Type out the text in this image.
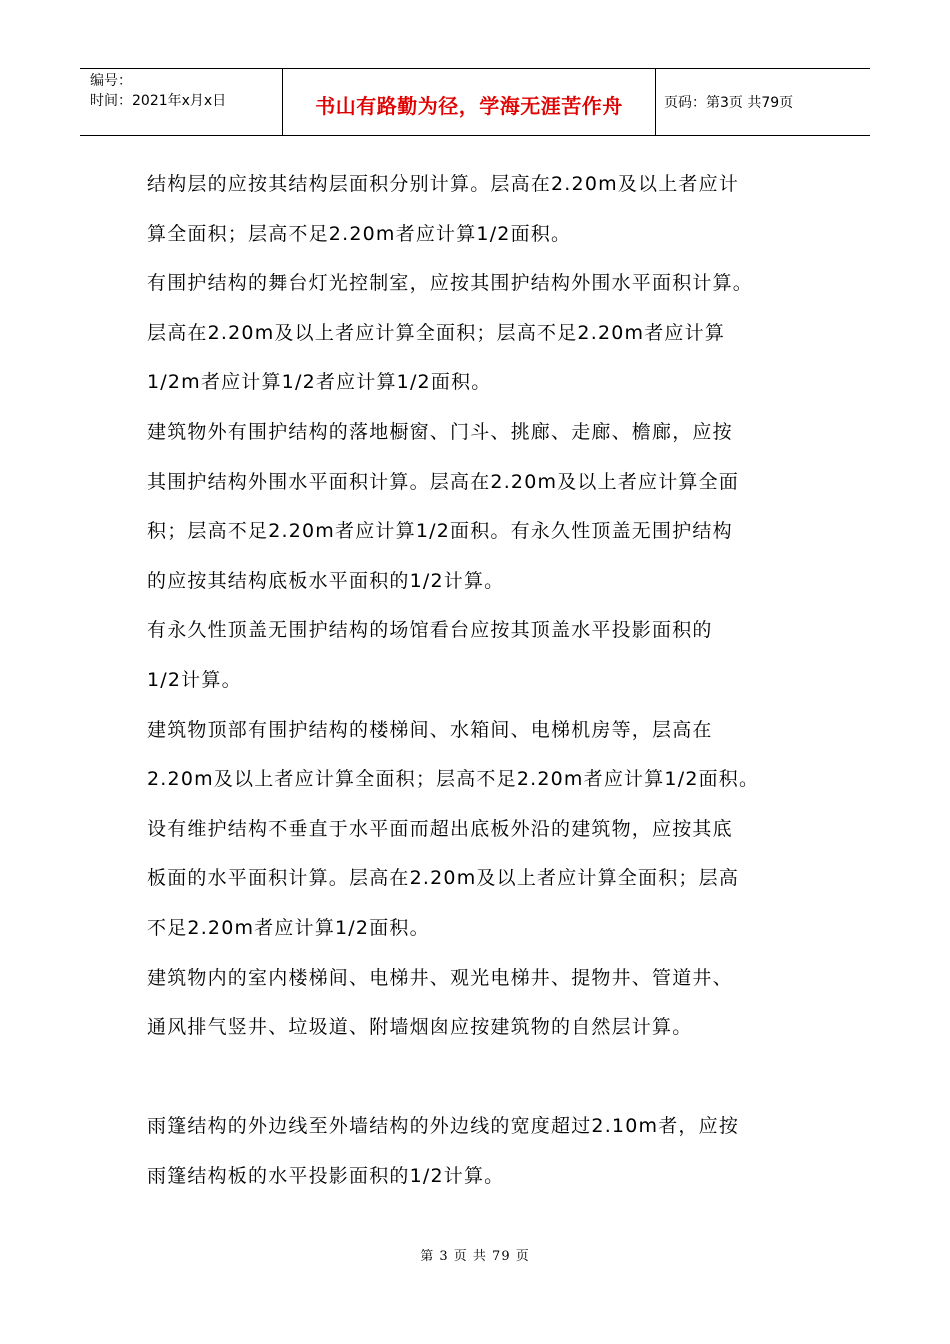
编号：
时间：2021年x月x日	书山有路勤为径，学海无涯苦作舟	页码：第3页 共79页

结构层的应按其结构层面积分别计算。层高在2.20m及以上者应计
算全面积；层高不足2.20m者应计算1/2面积。

有围护结构的舞台灯光控制室，应按其围护结构外围水平面积计算。
层高在2.20m及以上者应计算全面积；层高不足2.20m者应计算
1/2m者应计算1/2者应计算1/2面积。

建筑物外有围护结构的落地橱窗、门斗、挑廊、走廊、檐廊，应按
其围护结构外围水平面积计算。层高在2.20m及以上者应计算全面
积；层高不足2.20m者应计算1/2面积。有永久性顶盖无围护结构
的应按其结构底板水平面积的1/2计算。

有永久性顶盖无围护结构的场馆看台应按其顶盖水平投影面积的
1/2计算。

建筑物顶部有围护结构的楼梯间、水箱间、电梯机房等，层高在
2.20m及以上者应计算全面积；层高不足2.20m者应计算1/2面积。

设有维护结构不垂直于水平面而超出底板外沿的建筑物，应按其底
板面的水平面积计算。层高在2.20m及以上者应计算全面积；层高
不足2.20m者应计算1/2面积。

建筑物内的室内楼梯间、电梯井、观光电梯井、提物井、管道井、
通风排气竖井、垃圾道、附墙烟囱应按建筑物的自然层计算。

雨篷结构的外边线至外墙结构的外边线的宽度超过2.10m者，应按
雨篷结构板的水平投影面积的1/2计算。

第 3 页 共 79 页
